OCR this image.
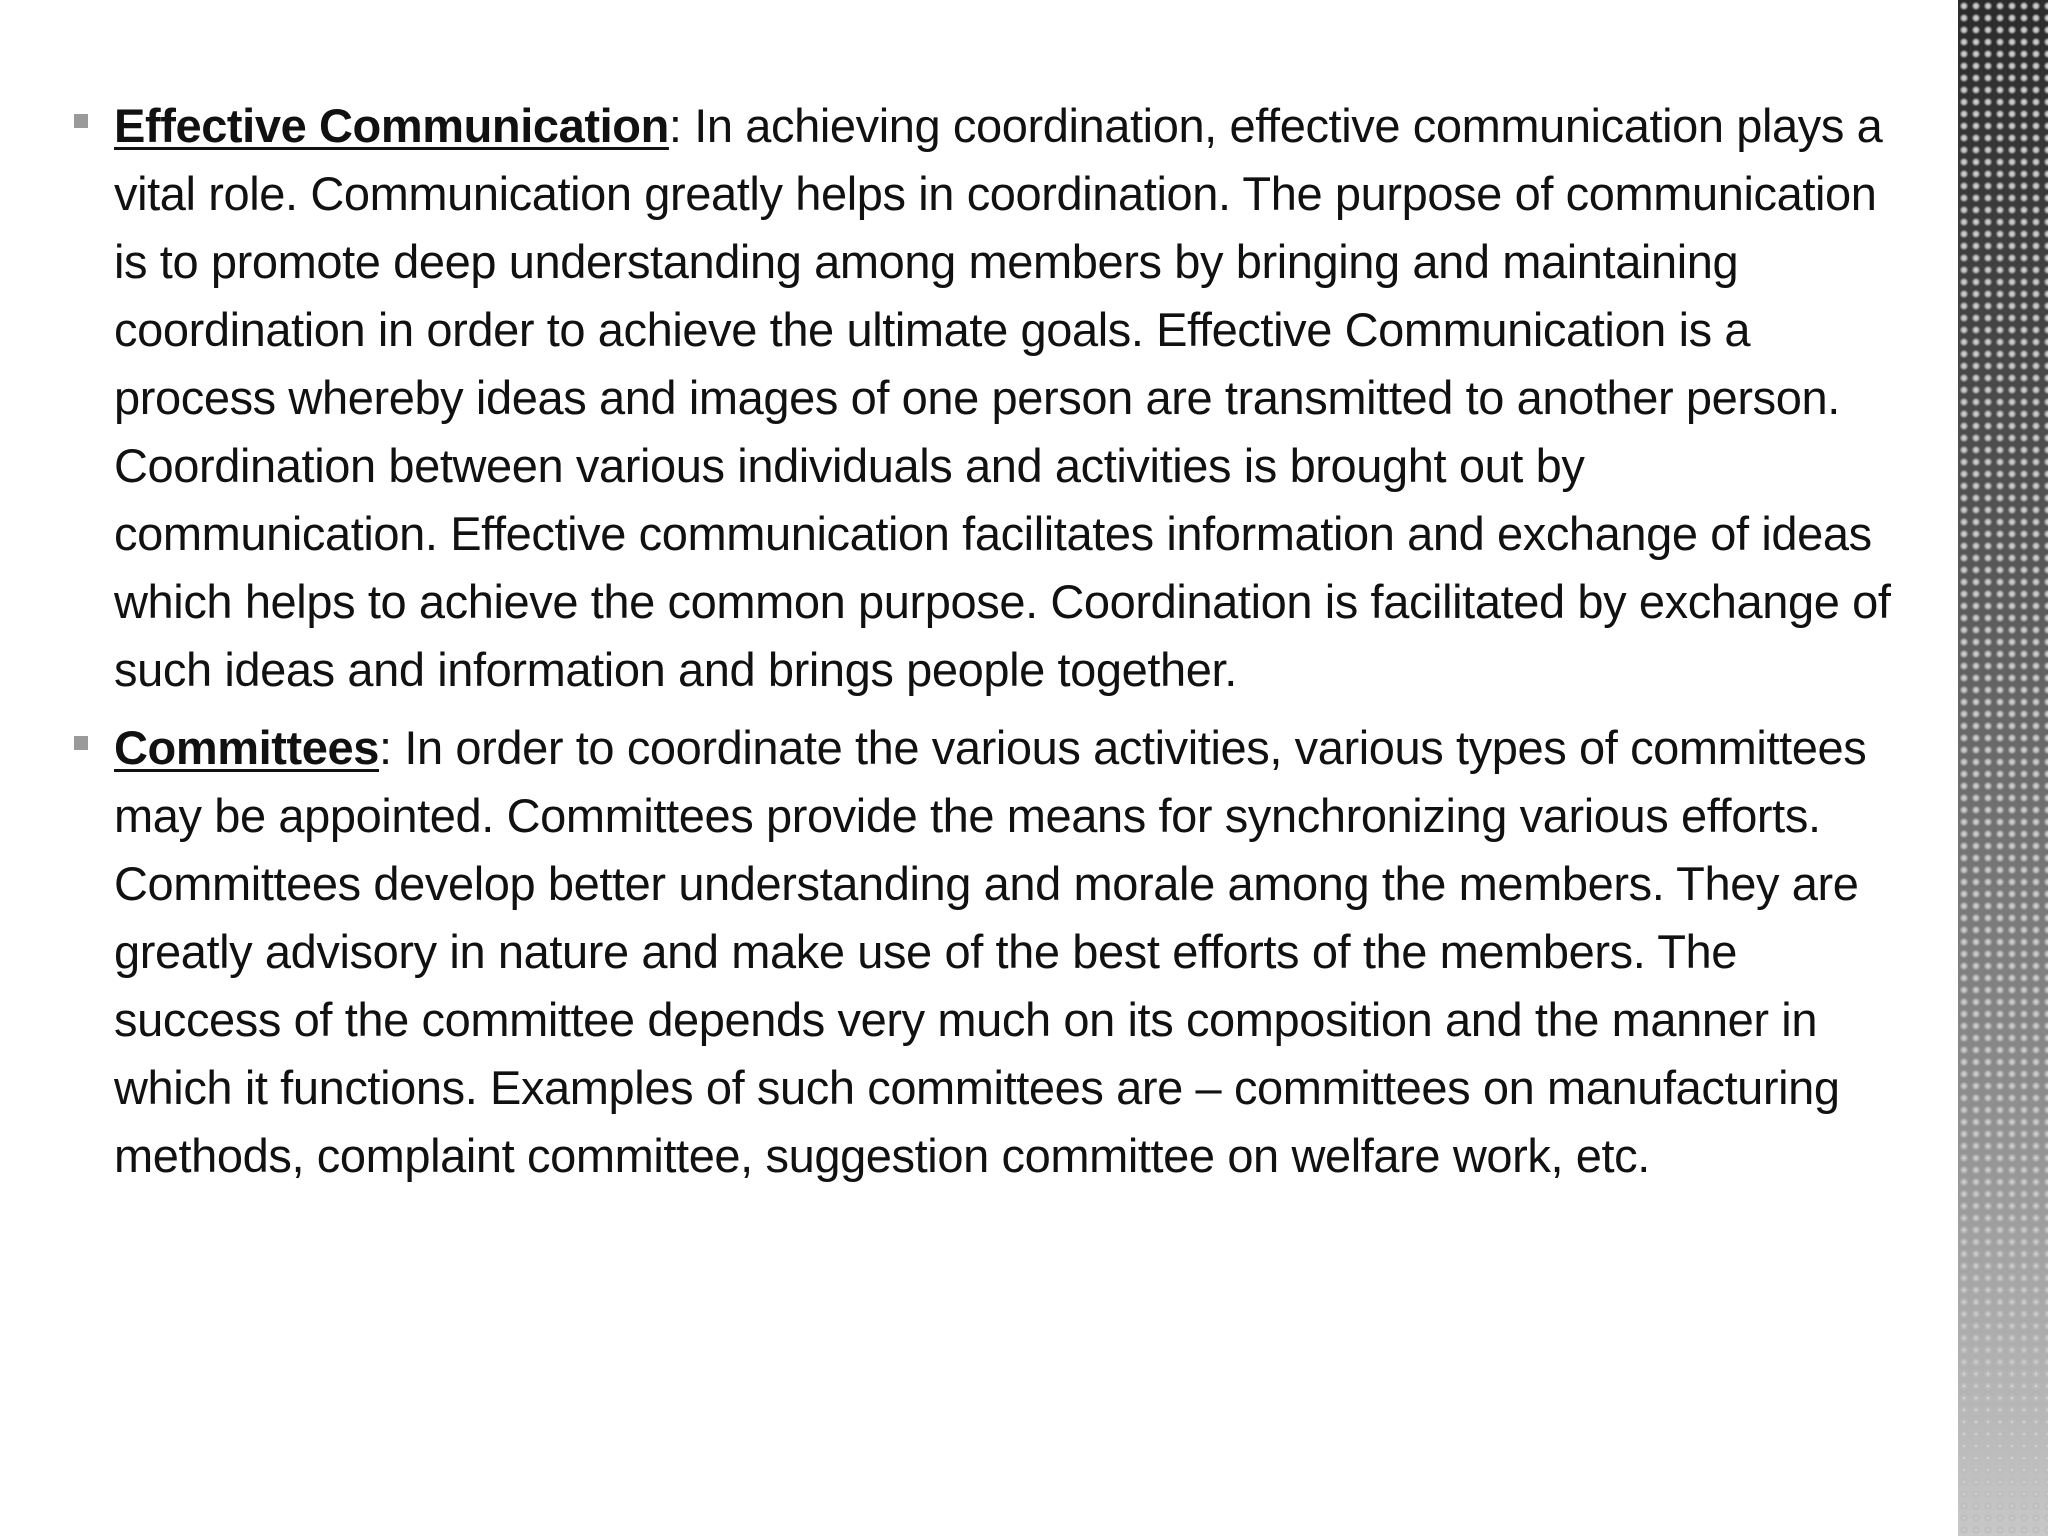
Effective Communication: In achieving coordination, effective communication plays a vital role. Communication greatly helps in coordination. The purpose of communication is to promote deep understanding among members by bringing and maintaining coordination in order to achieve the ultimate goals. Effective Communication is a process whereby ideas and images of one person are transmitted to another person. Coordination between various individuals and activities is brought out by communication. Effective communication facilitates information and exchange of ideas which helps to achieve the common purpose. Coordination is facilitated by exchange of such ideas and information and brings people together.

Committees: In order to coordinate the various activities, various types of committees may be appointed. Committees provide the means for synchronizing various efforts. Committees develop better understanding and morale among the members. They are greatly advisory in nature and make use of the best efforts of the members. The success of the committee depends very much on its composition and the manner in which it functions. Examples of such committees are – committees on manufacturing methods, complaint committee, suggestion committee on welfare work, etc.
